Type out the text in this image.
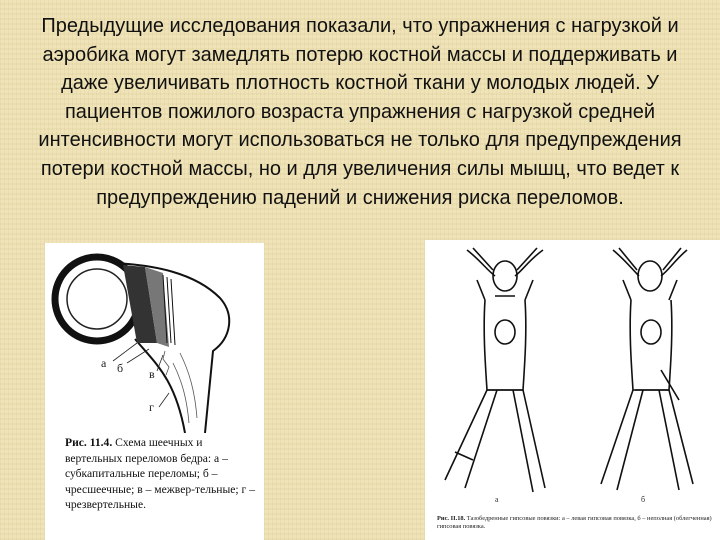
Предыдущие исследования показали, что упражнения с нагрузкой и аэробика могут замедлять потерю костной массы и поддерживать и даже увеличивать плотность костной ткани у молодых людей. У пациентов пожилого возраста упражнения с нагрузкой средней интенсивности могут использоваться не только для предупреждения потери костной массы, но и для увеличения силы мышц, что ведет к предупреждению падений и снижения риска переломов.

а б в
г

Рис. 11.4. Схема шеечных и вертельных переломов бедра: а – субкапитальные переломы; б – чресшеечные; в – межвер-тельные; г – чрезвертельные.	а	б

Рис. II.18. Тазобедренные гипсовые повязки: а – левая гипсовая повязка, б – неполная (облегченная) гипсовая повязка.
